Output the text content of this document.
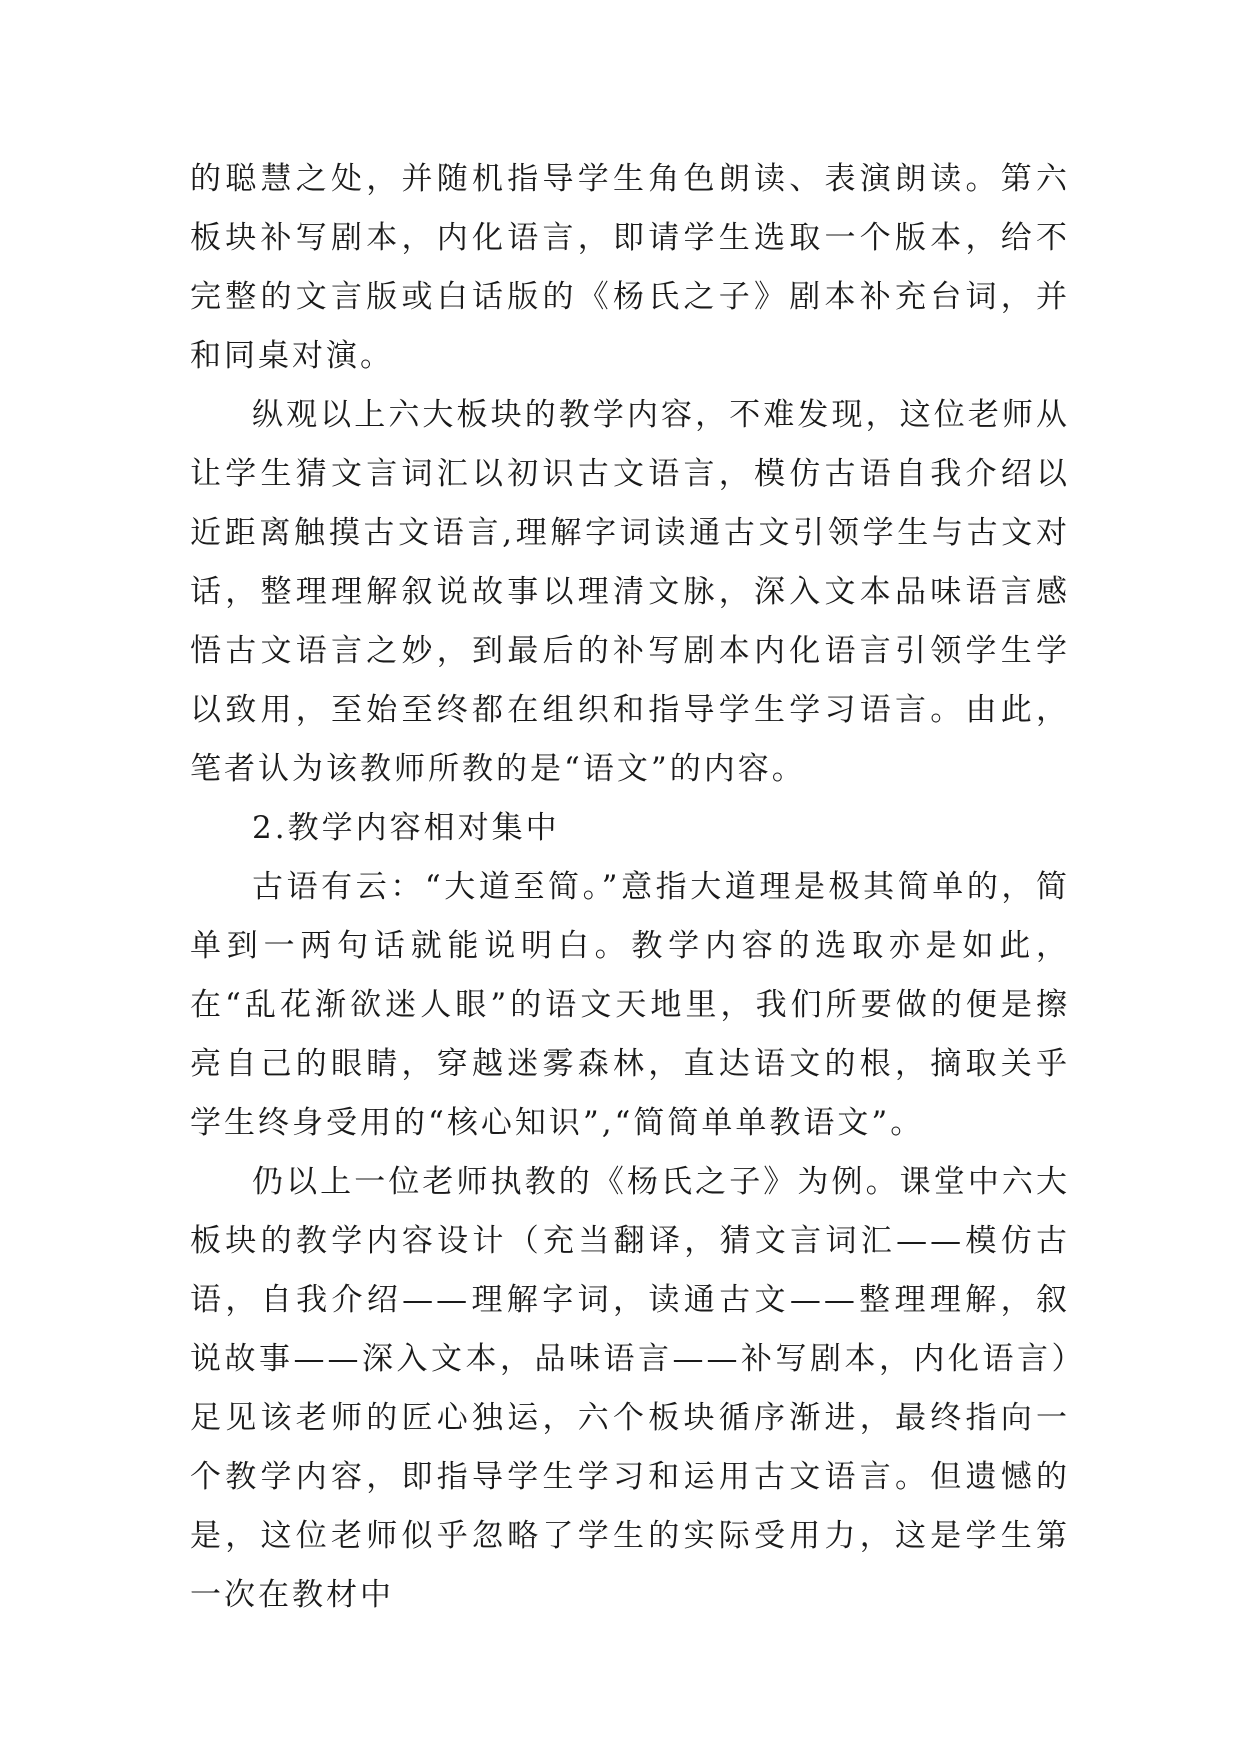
的聪慧之处，并随机指导学生角色朗读、表演朗读。第六板块补写剧本，内化语言，即请学生选取一个版本，给不完整的文言版或白话版的《杨氏之子》剧本补充台词，并和同桌对演。

纵观以上六大板块的教学内容，不难发现，这位老师从让学生猜文言词汇以初识古文语言，模仿古语自我介绍以近距离触摸古文语言,理解字词读通古文引领学生与古文对话，整理理解叙说故事以理清文脉，深入文本品味语言感悟古文语言之妙，到最后的补写剧本内化语言引领学生学以致用，至始至终都在组织和指导学生学习语言。由此，笔者认为该教师所教的是“语文”的内容。

2.教学内容相对集中

古语有云：“大道至简。”意指大道理是极其简单的，简单到一两句话就能说明白。教学内容的选取亦是如此，在“乱花渐欲迷人眼”的语文天地里，我们所要做的便是擦亮自己的眼睛，穿越迷雾森林，直达语文的根，摘取关乎学生终身受用的“核心知识”,“简简单单教语文”。

仍以上一位老师执教的《杨氏之子》为例。课堂中六大板块的教学内容设计（充当翻译，猜文言词汇——模仿古语，自我介绍——理解字词，读通古文——整理理解，叙说故事——深入文本，品味语言——补写剧本，内化语言）足见该老师的匠心独运，六个板块循序渐进，最终指向一个教学内容，即指导学生学习和运用古文语言。但遗憾的是，这位老师似乎忽略了学生的实际受用力，这是学生第一次在教材中
